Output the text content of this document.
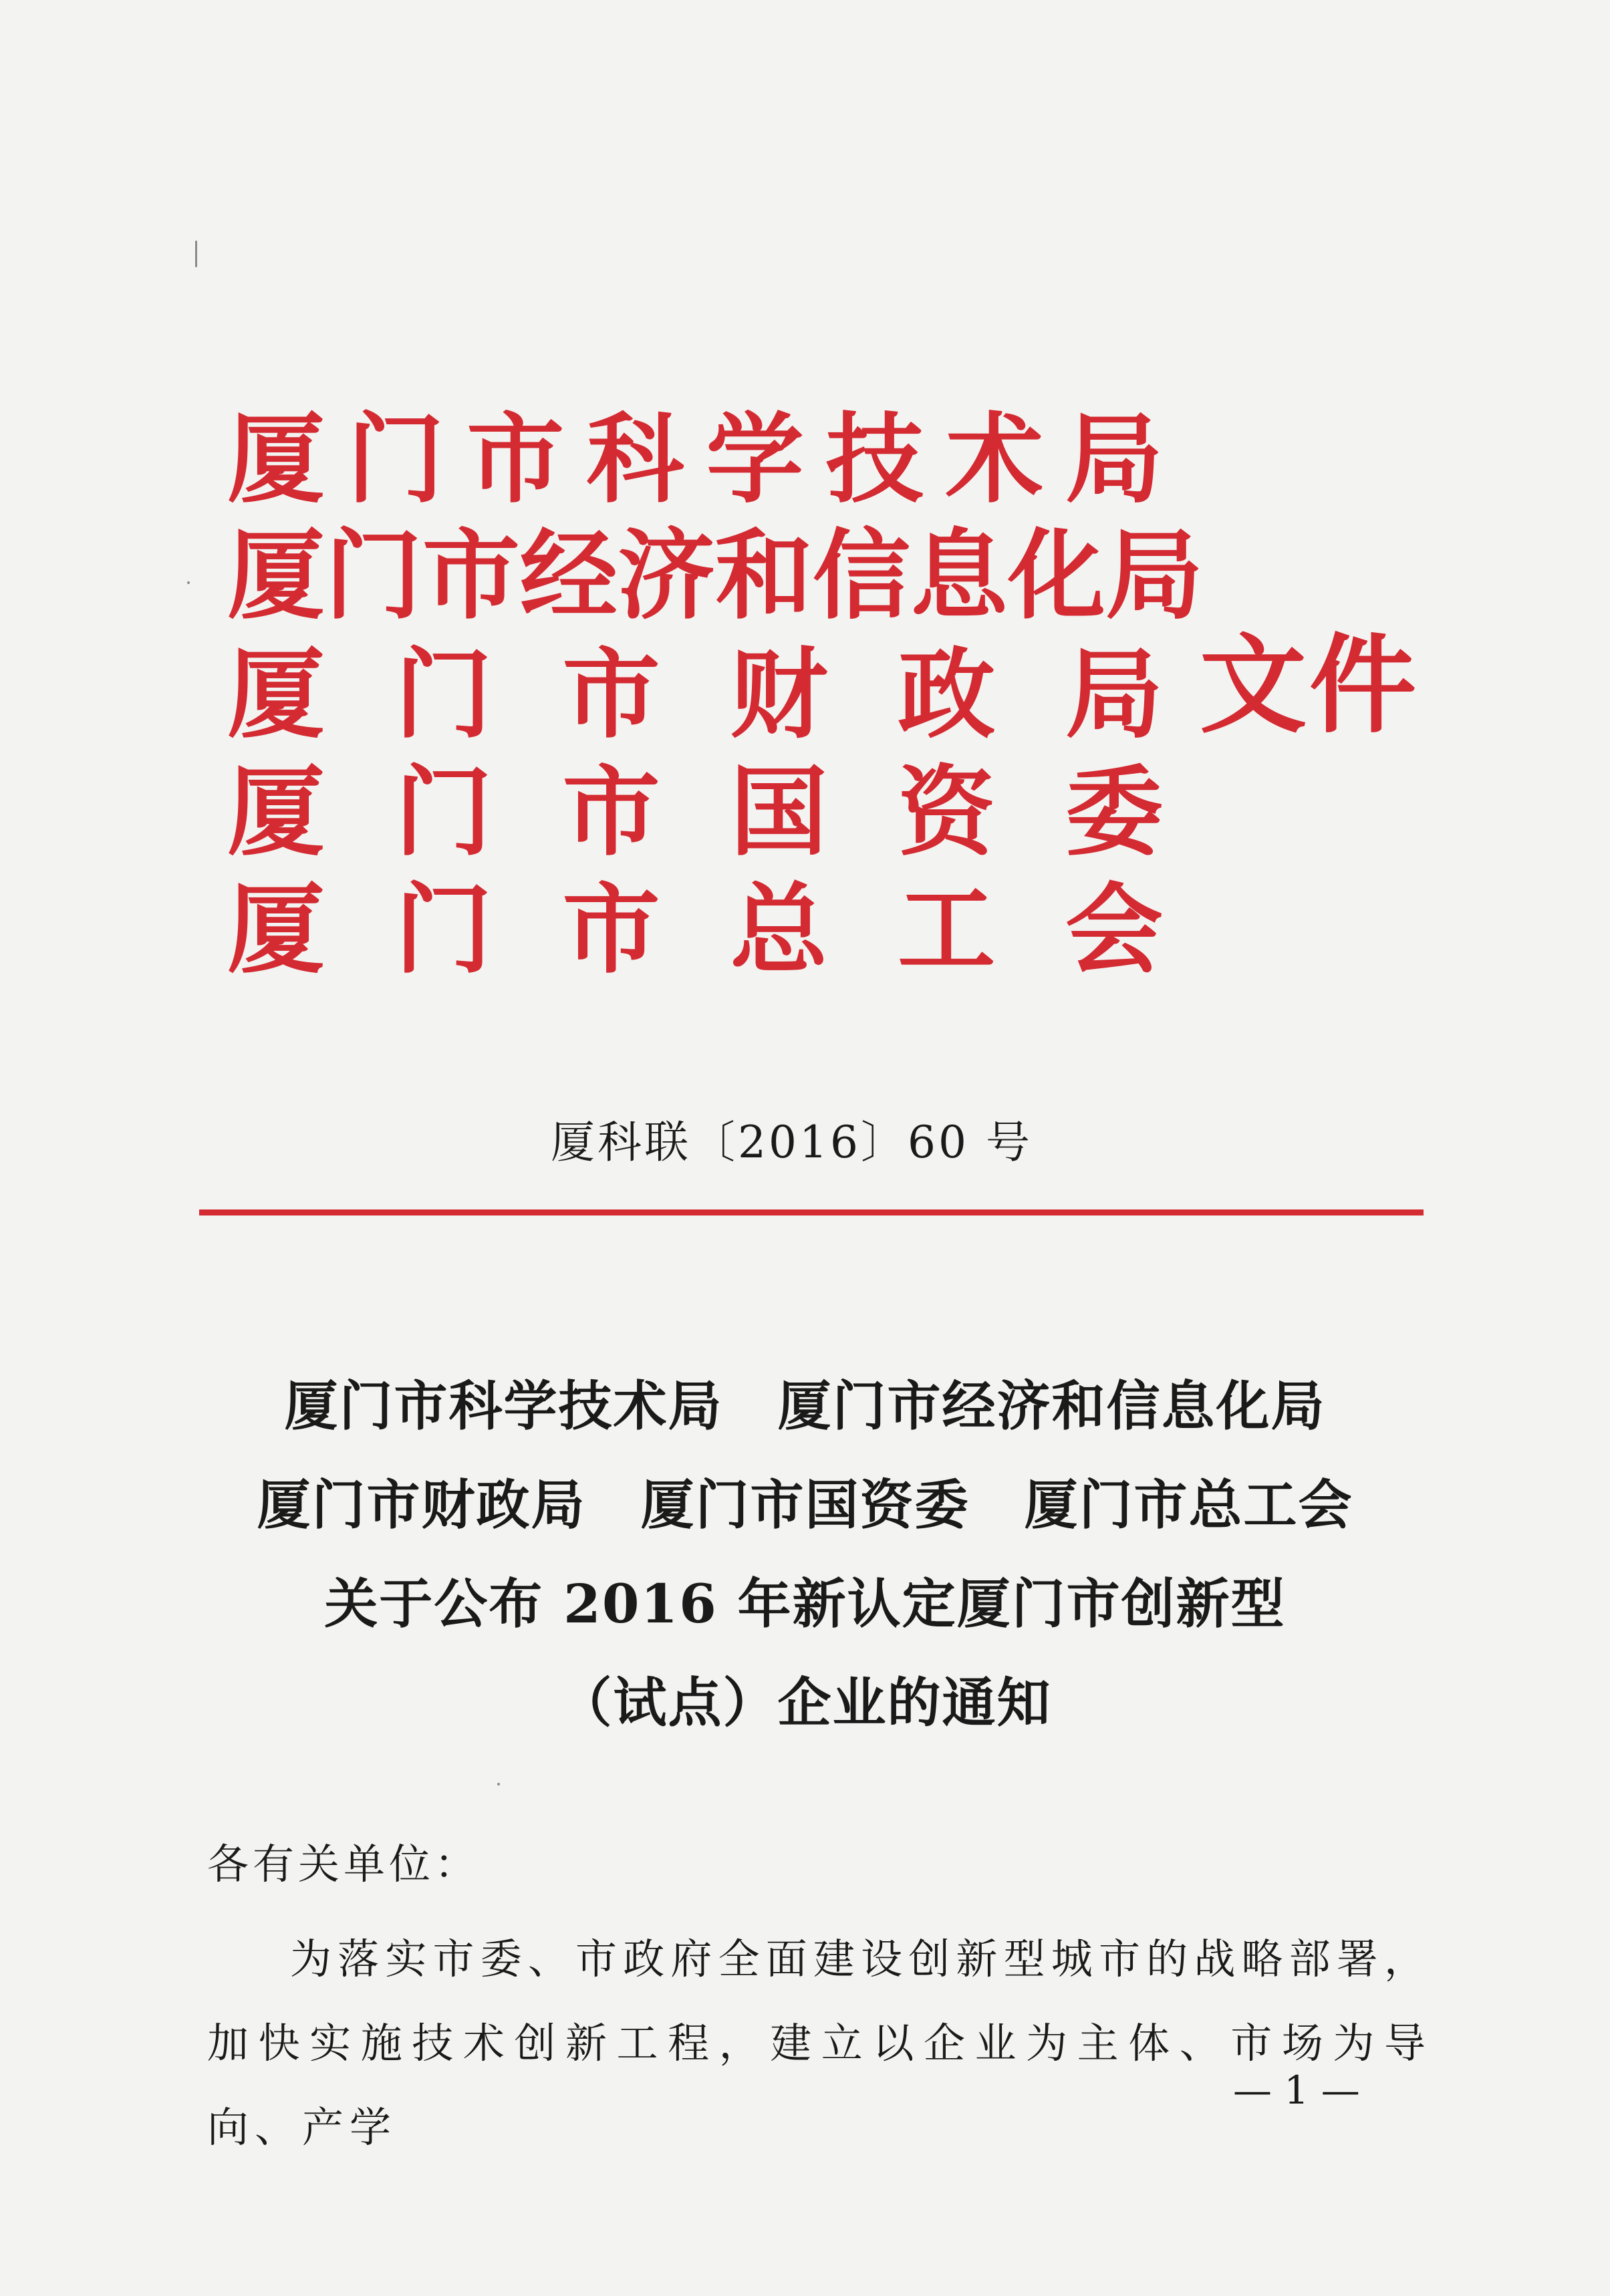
厦 门 市 科 学 技 术 局
厦 门 市 经 济 和 信 息 化 局
厦 门 市 财 政 局
厦 门 市 国 资 委
厦 门 市 总 工 会
文件
厦科联〔2016〕60 号
厦门市科学技术局　厦门市经济和信息化局
厦门市财政局　厦门市国资委　厦门市总工会
关于公布 2016 年新认定厦门市创新型
（试点）企业的通知
各有关单位：
为落实市委、市政府全面建设创新型城市的战略部署，加快实施技术创新工程，建立以企业为主体、市场为导向、产学
— 1 —
